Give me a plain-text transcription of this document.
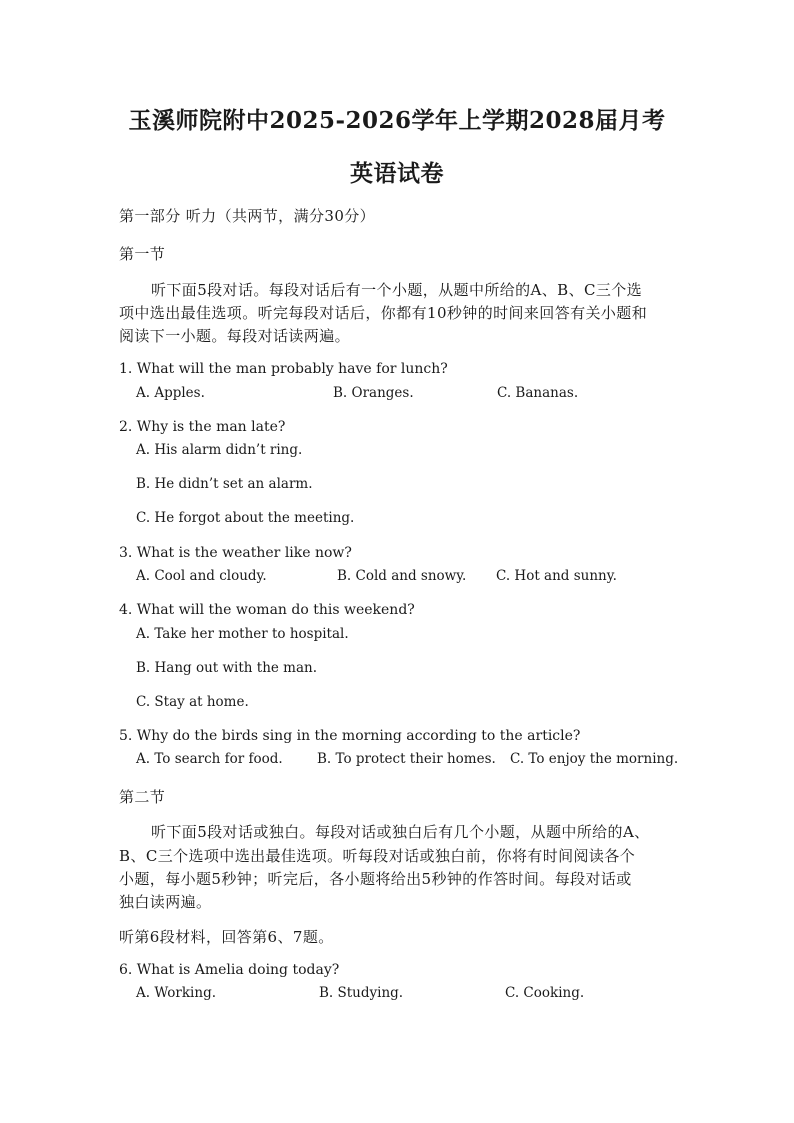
玉溪师院附中2025-2026学年上学期2028届月考
英语试卷
第一部分 听力（共两节，满分30分）
第一节
听下面5段对话。每段对话后有一个小题，从题中所给的A、B、C三个选
项中选出最佳选项。听完每段对话后，你都有10秒钟的时间来回答有关小题和
阅读下一小题。每段对话读两遍。
1. What will the man probably have for lunch?
A. Apples.	B. Oranges.	C. Bananas.
2. Why is the man late?
A. His alarm didn’t ring.
B. He didn’t set an alarm.
C. He forgot about the meeting.
3. What is the weather like now?
A. Cool and cloudy.	B. Cold and snowy. C. Hot and sunny.
4. What will the woman do this weekend?
A. Take her mother to hospital.
B. Hang out with the man.
C. Stay at home.
5. Why do the birds sing in the morning according to the article?
A. To search for food.	B. To protect their homes. C. To enjoy the morning.
第二节
听下面5段对话或独白。每段对话或独白后有几个小题，从题中所给的A、
B、C三个选项中选出最佳选项。听每段对话或独白前，你将有时间阅读各个
小题，每小题5秒钟；听完后，各小题将给出5秒钟的作答时间。每段对话或
独白读两遍。
听第6段材料，回答第6、7题。
6. What is Amelia doing today?
A. Working.	B. Studying.	C. Cooking.
